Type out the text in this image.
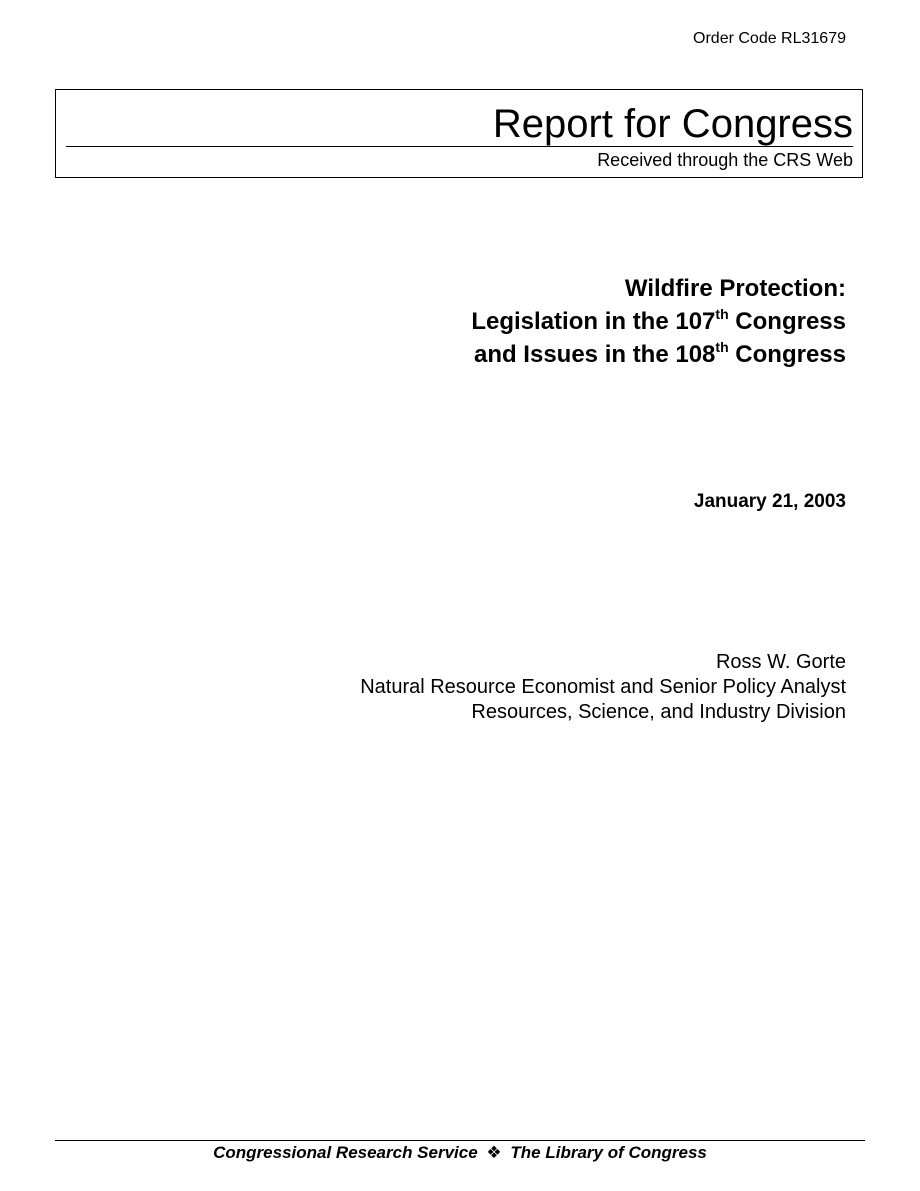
Order Code RL31679
Report for Congress
Received through the CRS Web
Wildfire Protection:
Legislation in the 107th Congress
and Issues in the 108th Congress
January 21, 2003
Ross W. Gorte
Natural Resource Economist and Senior Policy Analyst
Resources, Science, and Industry Division
Congressional Research Service ❖ The Library of Congress
